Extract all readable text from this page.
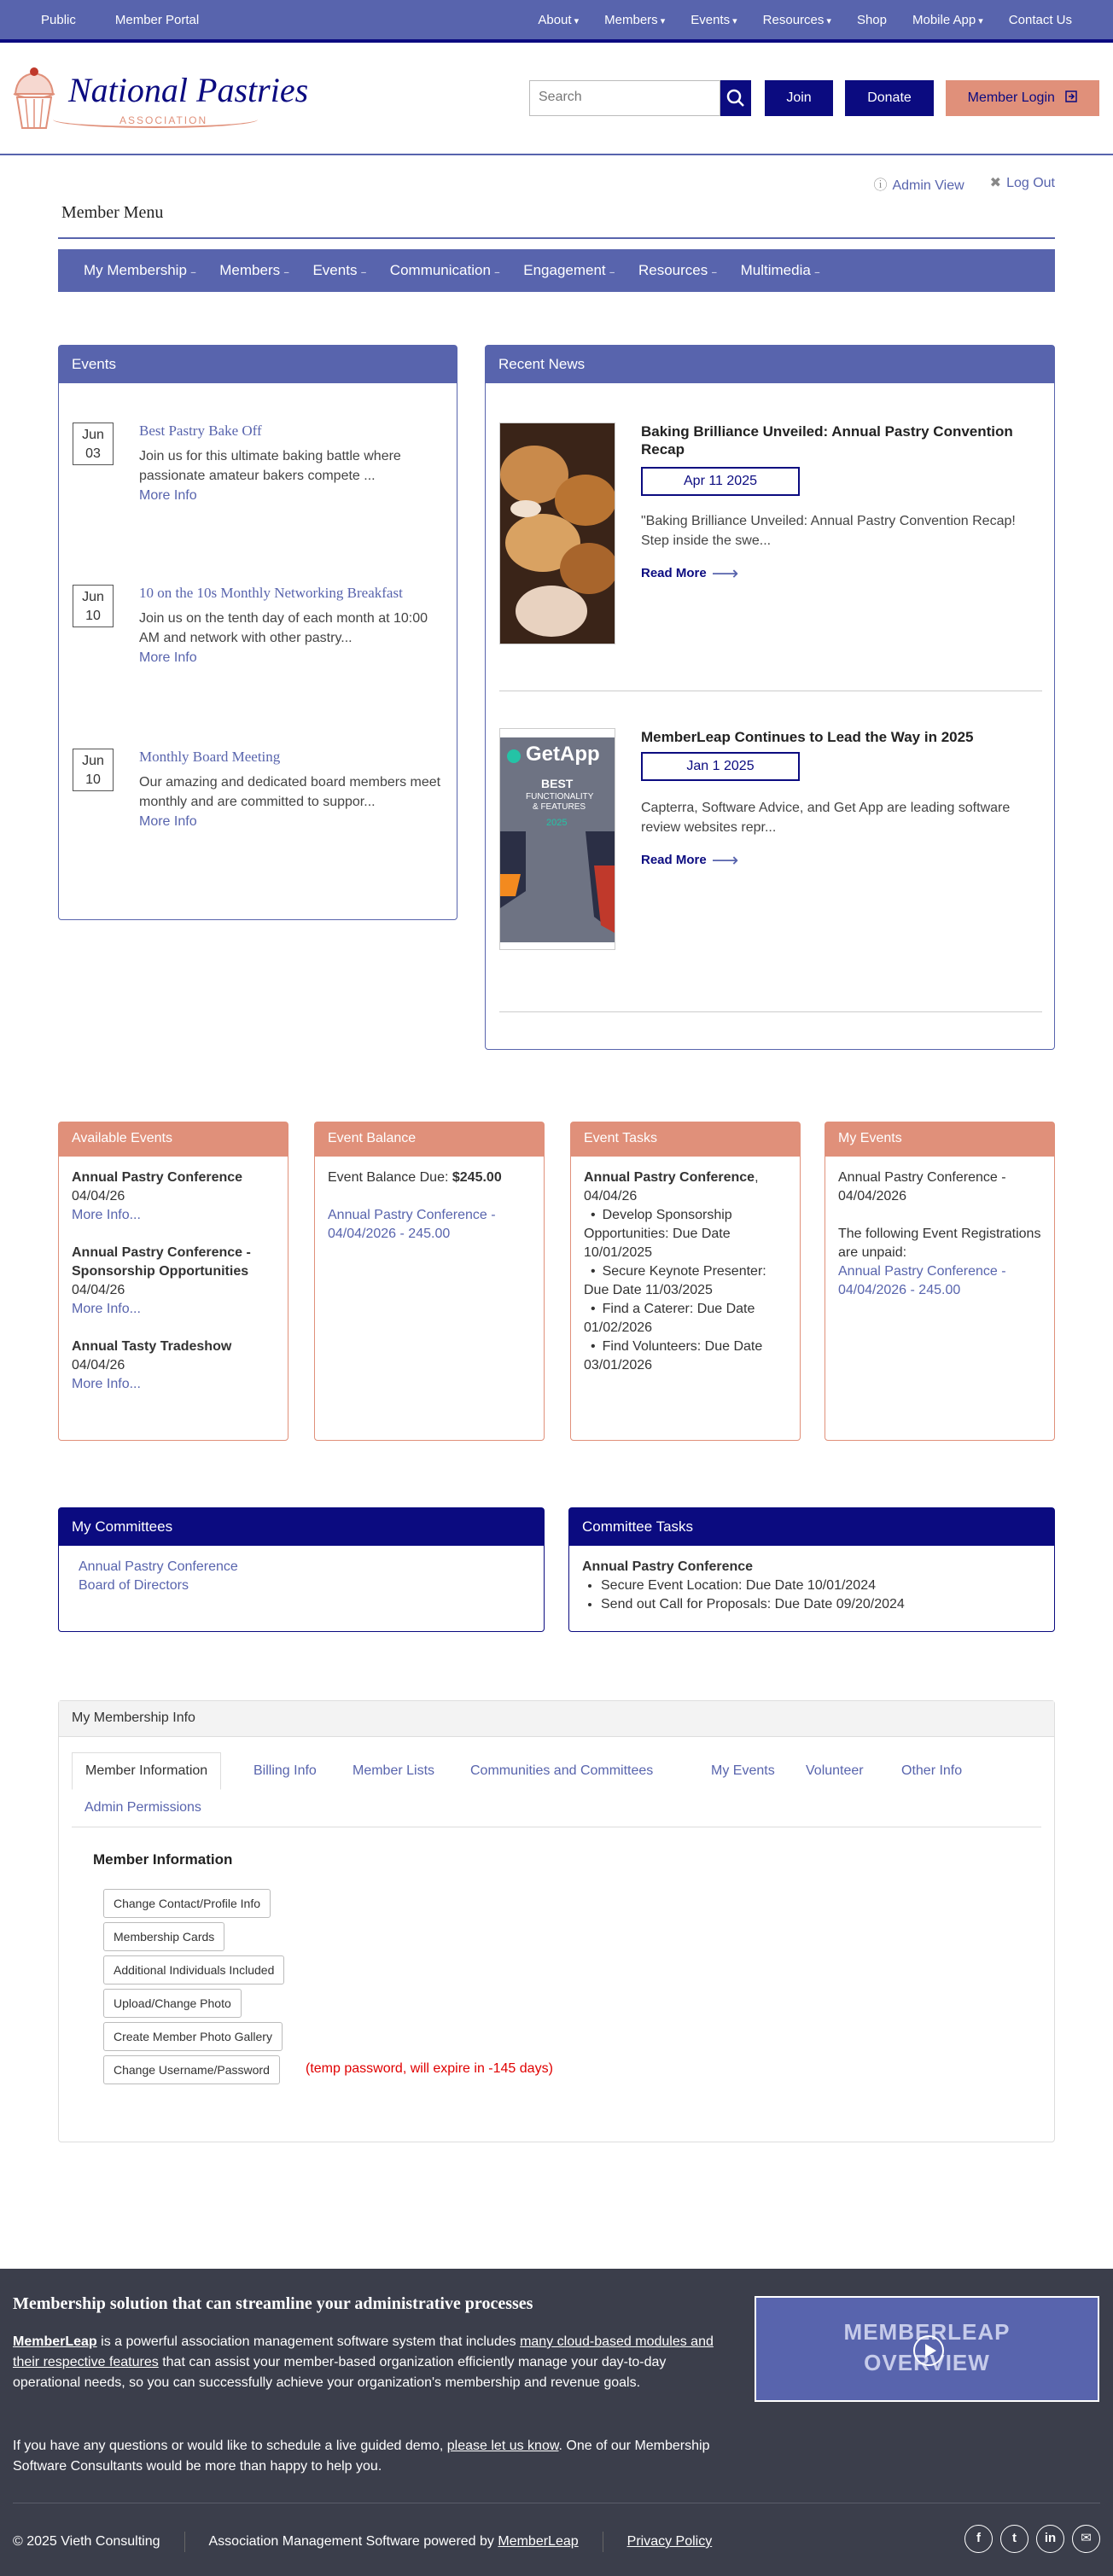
Public	Member Portal	About ▾	Members ▾	Events ▾	Resources ▾	Shop Mobile App ▾	Contact Us
National Pastries
ASSOCIATION
Search	Join	Donate	Member Login
ⓘ Admin View ✖ Log Out
Member Menu
My Membership –	Members –	Events –	Communication –	Engagement –	Resources –	Multimedia –
Events
Jun
03
Best Pastry Bake Off
Join us for this ultimate baking battle where passionate amateur bakers compete ...
More Info
Jun
10
10 on the 10s Monthly Networking Breakfast
Join us on the tenth day of each month at 10:00 AM and network with other pastry...
More Info
Jun
10
Monthly Board Meeting
Our amazing and dedicated board members meet monthly and are committed to suppor...
More Info
Recent News
Baking Brilliance Unveiled: Annual Pastry Convention Recap
Apr 11 2025
"Baking Brilliance Unveiled: Annual Pastry Convention Recap! Step inside the swe...
Read More ⟶
GetApp
BEST
FUNCTIONALITY
& FEATURES
2025
MemberLeap Continues to Lead the Way in 2025
Jan 1 2025
Capterra, Software Advice, and Get App are leading software review websites repr...
Read More ⟶
Available Events
Annual Pastry Conference
04/04/26
More Info...
Annual Pastry Conference - Sponsorship Opportunities
04/04/26
More Info...
Annual Tasty Tradeshow
04/04/26
More Info...
Event Balance
Event Balance Due: $245.00
Annual Pastry Conference - 04/04/2026 - 245.00
Event Tasks
Annual Pastry Conference, 04/04/26
• Develop Sponsorship Opportunities: Due Date 10/01/2025
• Secure Keynote Presenter: Due Date 11/03/2025
• Find a Caterer: Due Date 01/02/2026
• Find Volunteers: Due Date 03/01/2026
My Events
Annual Pastry Conference - 04/04/2026
The following Event Registrations are unpaid:
Annual Pastry Conference - 04/04/2026 - 245.00
My Committees
Annual Pastry Conference
Board of Directors
Committee Tasks
Annual Pastry Conference
• Secure Event Location: Due Date 10/01/2024
• Send out Call for Proposals: Due Date 09/20/2024
My Membership Info
Member Information	Billing Info	Member Lists	Communities and Committees	My Events Volunteer	Other Info
Admin Permissions
Member Information
Change Contact/Profile Info
Membership Cards
Additional Individuals Included
Upload/Change Photo
Create Member Photo Gallery
Change Username/Password	(temp password, will expire in -145 days)
Membership solution that can streamline your administrative processes
MemberLeap is a powerful association management software system that includes many cloud-based modules and their respective features that can assist your member-based organization efficiently manage your day-to-day operational needs, so you can successfully achieve your organization's membership and revenue goals.
If you have any questions or would like to schedule a live guided demo, please let us know. One of our Membership Software Consultants would be more than happy to help you.
MEMBERLEAP
OVERVIEW
© 2025 Vieth Consulting	Association Management Software powered by MemberLeap	Privacy Policy	f	t	in	✉
